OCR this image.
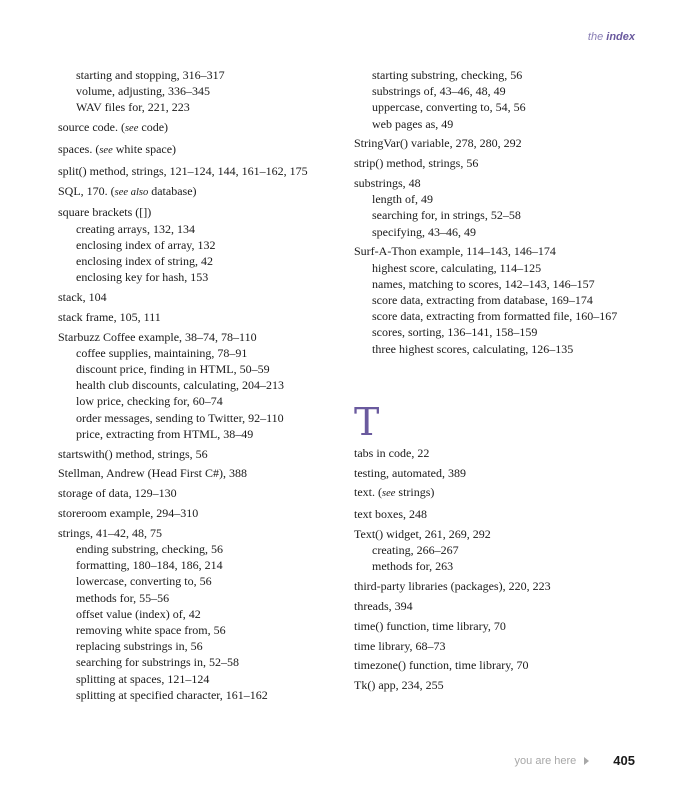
the index
starting and stopping, 316–317
volume, adjusting, 336–345
WAV files for, 221, 223
source code. (see code)
spaces. (see white space)
split() method, strings, 121–124, 144, 161–162, 175
SQL, 170. (see also database)
square brackets ([])
creating arrays, 132, 134
enclosing index of array, 132
enclosing index of string, 42
enclosing key for hash, 153
stack, 104
stack frame, 105, 111
Starbuzz Coffee example, 38–74, 78–110
coffee supplies, maintaining, 78–91
discount price, finding in HTML, 50–59
health club discounts, calculating, 204–213
low price, checking for, 60–74
order messages, sending to Twitter, 92–110
price, extracting from HTML, 38–49
startswith() method, strings, 56
Stellman, Andrew (Head First C#), 388
storage of data, 129–130
storeroom example, 294–310
strings, 41–42, 48, 75
ending substring, checking, 56
formatting, 180–184, 186, 214
lowercase, converting to, 56
methods for, 55–56
offset value (index) of, 42
removing white space from, 56
replacing substrings in, 56
searching for substrings in, 52–58
splitting at spaces, 121–124
splitting at specified character, 161–162
starting substring, checking, 56
substrings of, 43–46, 48, 49
uppercase, converting to, 54, 56
web pages as, 49
StringVar() variable, 278, 280, 292
strip() method, strings, 56
substrings, 48
length of, 49
searching for, in strings, 52–58
specifying, 43–46, 49
Surf-A-Thon example, 114–143, 146–174
highest score, calculating, 114–125
names, matching to scores, 142–143, 146–157
score data, extracting from database, 169–174
score data, extracting from formatted file, 160–167
scores, sorting, 136–141, 158–159
three highest scores, calculating, 126–135
T
tabs in code, 22
testing, automated, 389
text. (see strings)
text boxes, 248
Text() widget, 261, 269, 292
creating, 266–267
methods for, 263
third-party libraries (packages), 220, 223
threads, 394
time() function, time library, 70
time library, 68–73
timezone() function, time library, 70
Tk() app, 234, 255
you are here	405
